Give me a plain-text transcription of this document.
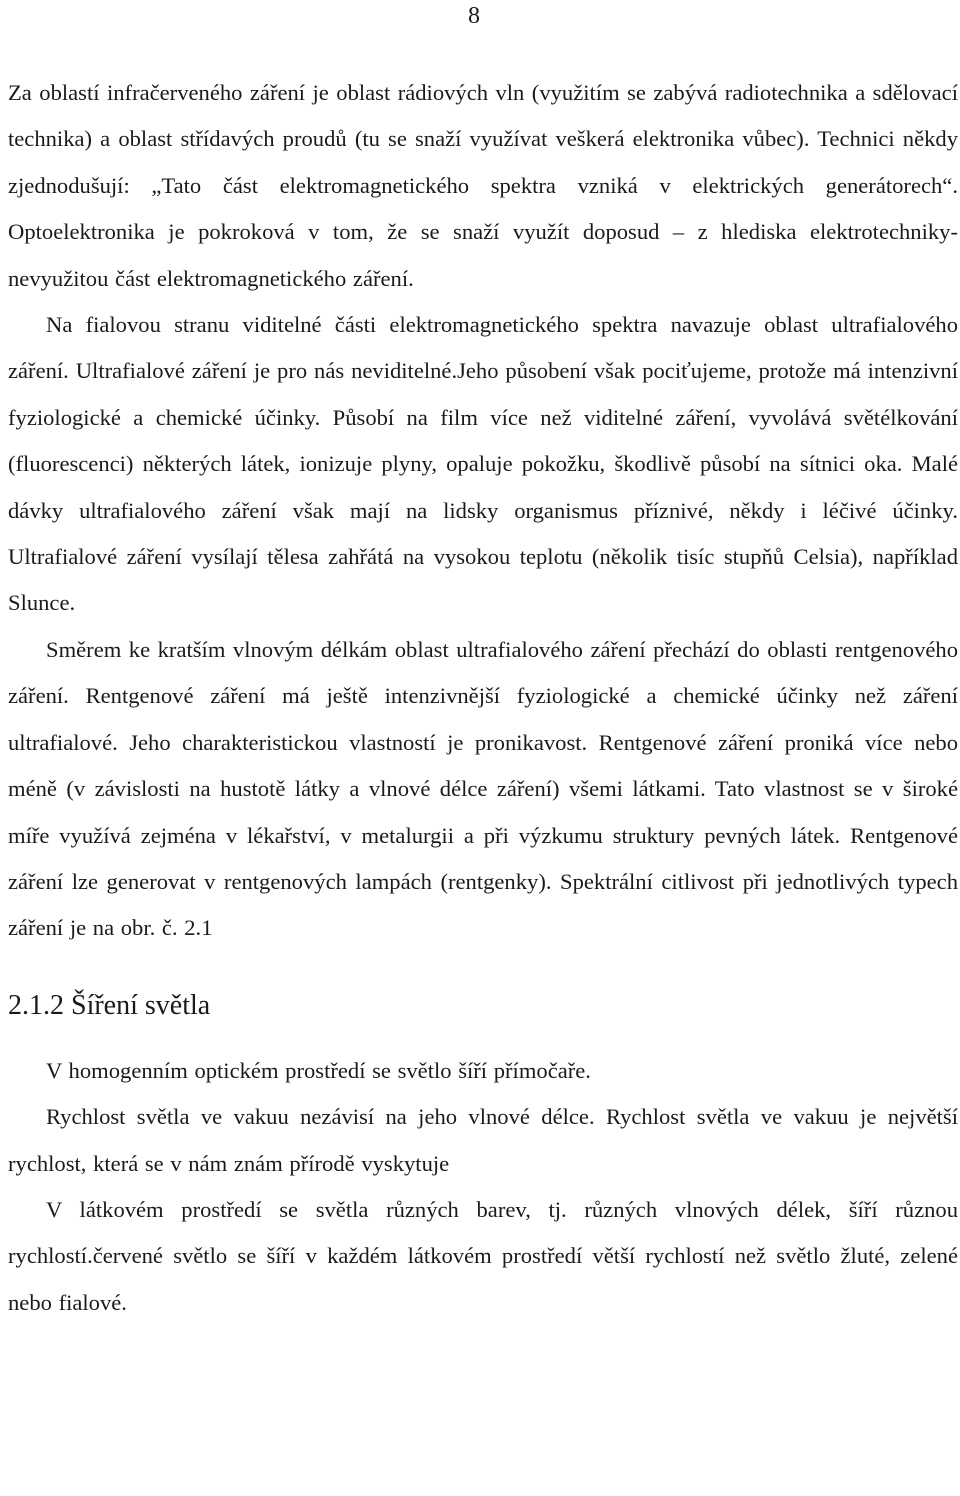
8

Za oblastí infračerveného záření je oblast rádiových vln (využitím se zabývá radiotechnika a sdělovací technika) a oblast střídavých proudů (tu se snaží využívat veškerá elektronika vůbec). Technici někdy zjednodušují: „Tato část elektromagnetického spektra vzniká v elektrických generátorech“. Optoelektronika je pokroková v tom, že se snaží využít doposud – z hlediska elektrotechniky- nevyužitou část elektromagnetického záření.

Na fialovou stranu viditelné části elektromagnetického spektra navazuje oblast ultrafialového záření. Ultrafialové záření je pro nás neviditelné.Jeho působení však pociťujeme, protože má intenzivní fyziologické a chemické účinky. Působí na film více než viditelné záření, vyvolává světélkování (fluorescenci) některých látek, ionizuje plyny, opaluje pokožku, škodlivě působí na sítnici oka. Malé dávky ultrafialového záření však mají na lidsky organismus příznivé, někdy i léčivé účinky. Ultrafialové záření vysílají tělesa zahřátá na vysokou teplotu (několik tisíc stupňů Celsia), například Slunce.

Směrem ke kratším vlnovým délkám oblast ultrafialového záření přechází do oblasti rentgenového záření. Rentgenové záření má ještě intenzivnější fyziologické a chemické účinky než záření ultrafialové. Jeho charakteristickou vlastností je pronikavost. Rentgenové záření proniká více nebo méně (v závislosti na hustotě látky a vlnové délce záření) všemi látkami. Tato vlastnost se v široké míře využívá zejména v lékařství, v metalurgii a při výzkumu struktury pevných látek. Rentgenové záření lze generovat v rentgenových lampách (rentgenky). Spektrální citlivost při jednotlivých typech záření je na obr. č. 2.1

2.1.2 Šíření světla

V homogenním optickém prostředí se světlo šíří přímočaře.

Rychlost světla ve vakuu nezávisí na jeho vlnové délce. Rychlost světla ve vakuu je největší rychlost, která se v nám znám přírodě vyskytuje

V látkovém prostředí se světla různých barev, tj. různých vlnových délek, šíří různou rychlostí.červené světlo se šíří v každém látkovém prostředí větší rychlostí než světlo žluté, zelené nebo fialové.
